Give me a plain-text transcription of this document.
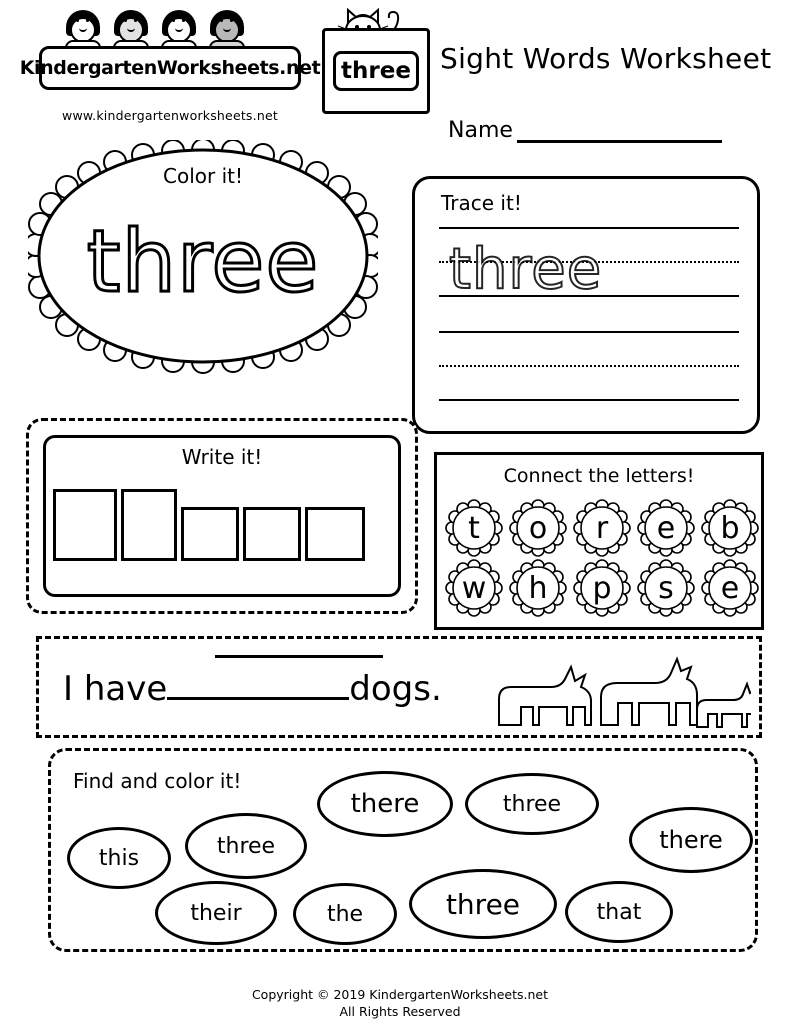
KindergartenWorksheets.net
www.kindergartenworksheets.net
three Sight Words Worksheet
Name
Color it!
three
Trace it!
three
Write it!
Connect the letters!
t	o	r	e	b
w	h	p	s	e
I have	dogs.
Find and color it!
this	three
there	three
there
their	the	three	that
Copyright © 2019 KindergartenWorksheets.net
All Rights Reserved
